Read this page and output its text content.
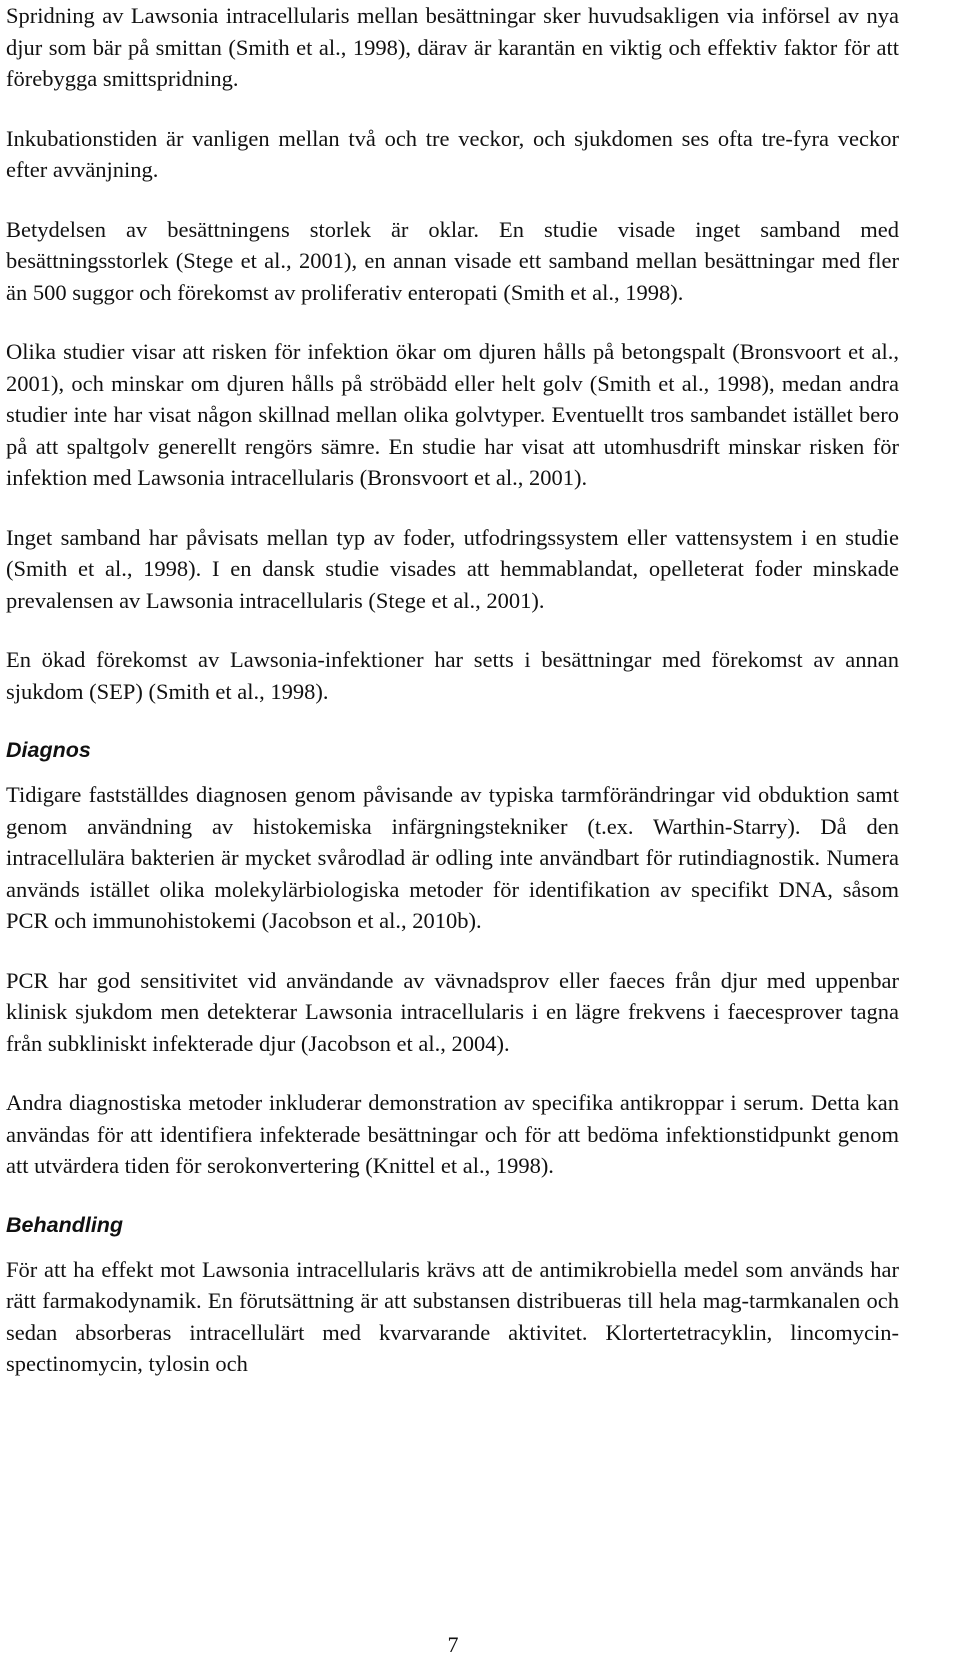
Spridning av Lawsonia intracellularis mellan besättningar sker huvudsakligen via införsel av nya djur som bär på smittan (Smith et al., 1998), därav är karantän en viktig och effektiv faktor för att förebygga smittspridning.

Inkubationstiden är vanligen mellan två och tre veckor, och sjukdomen ses ofta tre-fyra veckor efter avvänjning.

Betydelsen av besättningens storlek är oklar. En studie visade inget samband med besättningsstorlek (Stege et al., 2001), en annan visade ett samband mellan besättningar med fler än 500 suggor och förekomst av proliferativ enteropati (Smith et al., 1998).

Olika studier visar att risken för infektion ökar om djuren hålls på betongspalt (Bronsvoort et al., 2001), och minskar om djuren hålls på ströbädd eller helt golv (Smith et al., 1998), medan andra studier inte har visat någon skillnad mellan olika golvtyper. Eventuellt tros sambandet istället bero på att spaltgolv generellt rengörs sämre. En studie har visat att utomhusdrift minskar risken för infektion med Lawsonia intracellularis (Bronsvoort et al., 2001).

Inget samband har påvisats mellan typ av foder, utfodringssystem eller vattensystem i en studie (Smith et al., 1998). I en dansk studie visades att hemmablandat, opelleterat foder minskade prevalensen av Lawsonia intracellularis (Stege et al., 2001).

En ökad förekomst av Lawsonia-infektioner har setts i besättningar med förekomst av annan sjukdom (SEP) (Smith et al., 1998).

Diagnos

Tidigare fastställdes diagnosen genom påvisande av typiska tarmförändringar vid obduktion samt genom användning av histokemiska infärgningstekniker (t.ex. Warthin-Starry). Då den intracellulära bakterien är mycket svårodlad är odling inte användbart för rutindiagnostik. Numera används istället olika molekylärbiologiska metoder för identifikation av specifikt DNA, såsom PCR och immunohistokemi (Jacobson et al., 2010b).

PCR har god sensitivitet vid användande av vävnadsprov eller faeces från djur med uppenbar klinisk sjukdom men detekterar Lawsonia intracellularis i en lägre frekvens i faecesprover tagna från subkliniskt infekterade djur (Jacobson et al., 2004).

Andra diagnostiska metoder inkluderar demonstration av specifika antikroppar i serum. Detta kan användas för att identifiera infekterade besättningar och för att bedöma infektionstidpunkt genom att utvärdera tiden för serokonvertering (Knittel et al., 1998).

Behandling

För att ha effekt mot Lawsonia intracellularis krävs att de antimikrobiella medel som används har rätt farmakodynamik. En förutsättning är att substansen distribueras till hela mag-tarmkanalen och sedan absorberas intracellulärt med kvarvarande aktivitet. Klortertetracyklin, lincomycin-spectinomycin, tylosin och

7
